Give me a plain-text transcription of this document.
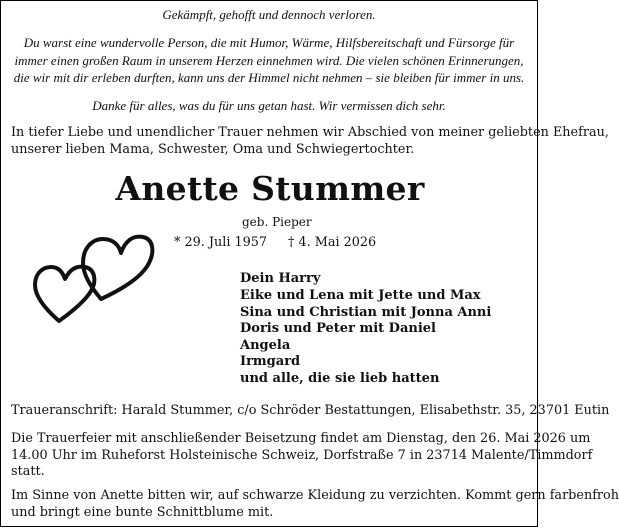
Gekämpft, gehofft und dennoch verloren.
Du warst eine wundervolle Person, die mit Humor, Wärme, Hilfsbereitschaft und Fürsorge für
immer einen großen Raum in unserem Herzen einnehmen wird. Die vielen schönen Erinnerungen,
die wir mit dir erleben durften, kann uns der Himmel nicht nehmen – sie bleiben für immer in uns.
Danke für alles, was du für uns getan hast. Wir vermissen dich sehr.
In tiefer Liebe und unendlicher Trauer nehmen wir Abschied von meiner geliebten Ehefrau,
unserer lieben Mama, Schwester, Oma und Schwiegertochter.
Anette Stummer
geb. Pieper
* 29. Juli 1957 † 4. Mai 2026
Dein Harry
Eike und Lena mit Jette und Max
Sina und Christian mit Jonna Anni
Doris und Peter mit Daniel
Angela
Irmgard
und alle, die sie lieb hatten
Traueranschrift: Harald Stummer, c/o Schröder Bestattungen, Elisabethstr. 35, 23701 Eutin
Die Trauerfeier mit anschließender Beisetzung findet am Dienstag, den 26. Mai 2026 um
14.00 Uhr im Ruheforst Holsteinische Schweiz, Dorfstraße 7 in 23714 Malente/Timmdorf
statt.
Im Sinne von Anette bitten wir, auf schwarze Kleidung zu verzichten. Kommt gern farbenfroh
und bringt eine bunte Schnittblume mit.
